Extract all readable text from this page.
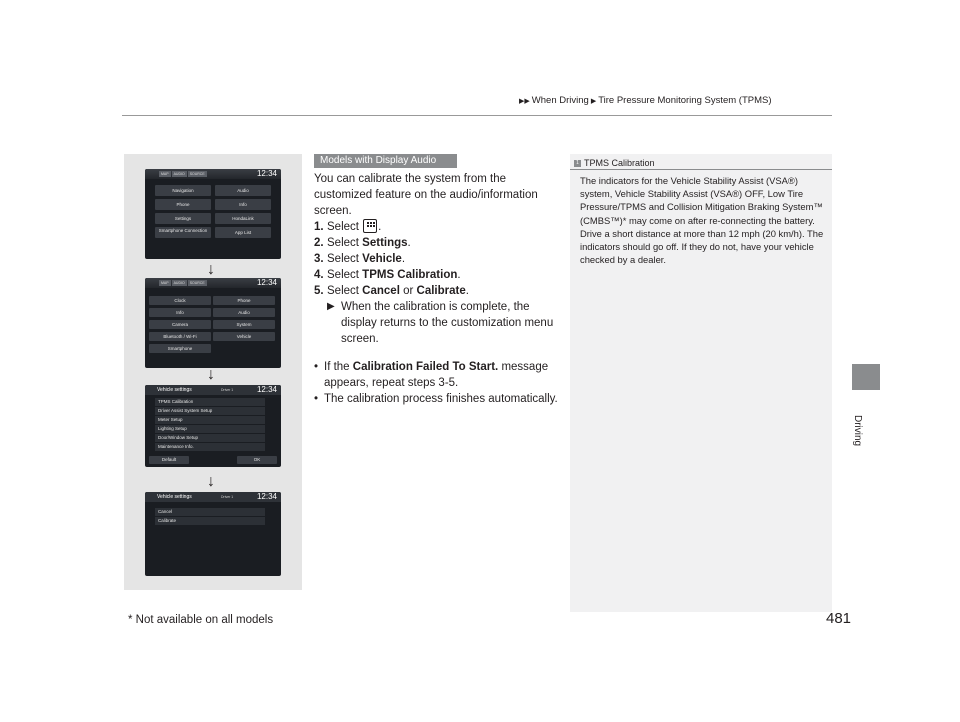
▶▶ When Driving ▶ Tire Pressure Monitoring System (TPMS)
Driving
MAP	AUDIO	SOURCE	12:34
Navigation	Audio
Phone	Info
Settings	HondaLink
Smartphone Connection	App List
↓
MAP	AUDIO	SOURCE	12:34
Clock	Phone
Info	Audio
Camera	System
Bluetooth / Wi-Fi	Vehicle
Smartphone
↓
Vehicle settings	Driver 1	12:34
TPMS Calibration
Driver Assist System Setup
Meter Setup
Lighting Setup
Door/Window Setup
Maintenance Info.
Default	OK
↓
Vehicle settings	Driver 1	12:34
Cancel
Calibrate
Models with Display Audio
You can calibrate the system from the customized feature on the audio/information screen.
1. Select .
2. Select Settings.
3. Select Vehicle.
4. Select TPMS Calibration.
5. Select Cancel or Calibrate.
▶ When the calibration is complete, the display returns to the customization menu screen.
• If the Calibration Failed To Start. message appears, repeat steps 3-5.
• The calibration process finishes automatically.
1 TPMS Calibration
The indicators for the Vehicle Stability Assist (VSA®) system, Vehicle Stability Assist (VSA®) OFF, Low Tire Pressure/TPMS and Collision Mitigation Braking System™ (CMBS™)* may come on after re-connecting the battery. Drive a short distance at more than 12 mph (20 km/h). The indicators should go off. If they do not, have your vehicle checked by a dealer.
* Not available on all models	481
